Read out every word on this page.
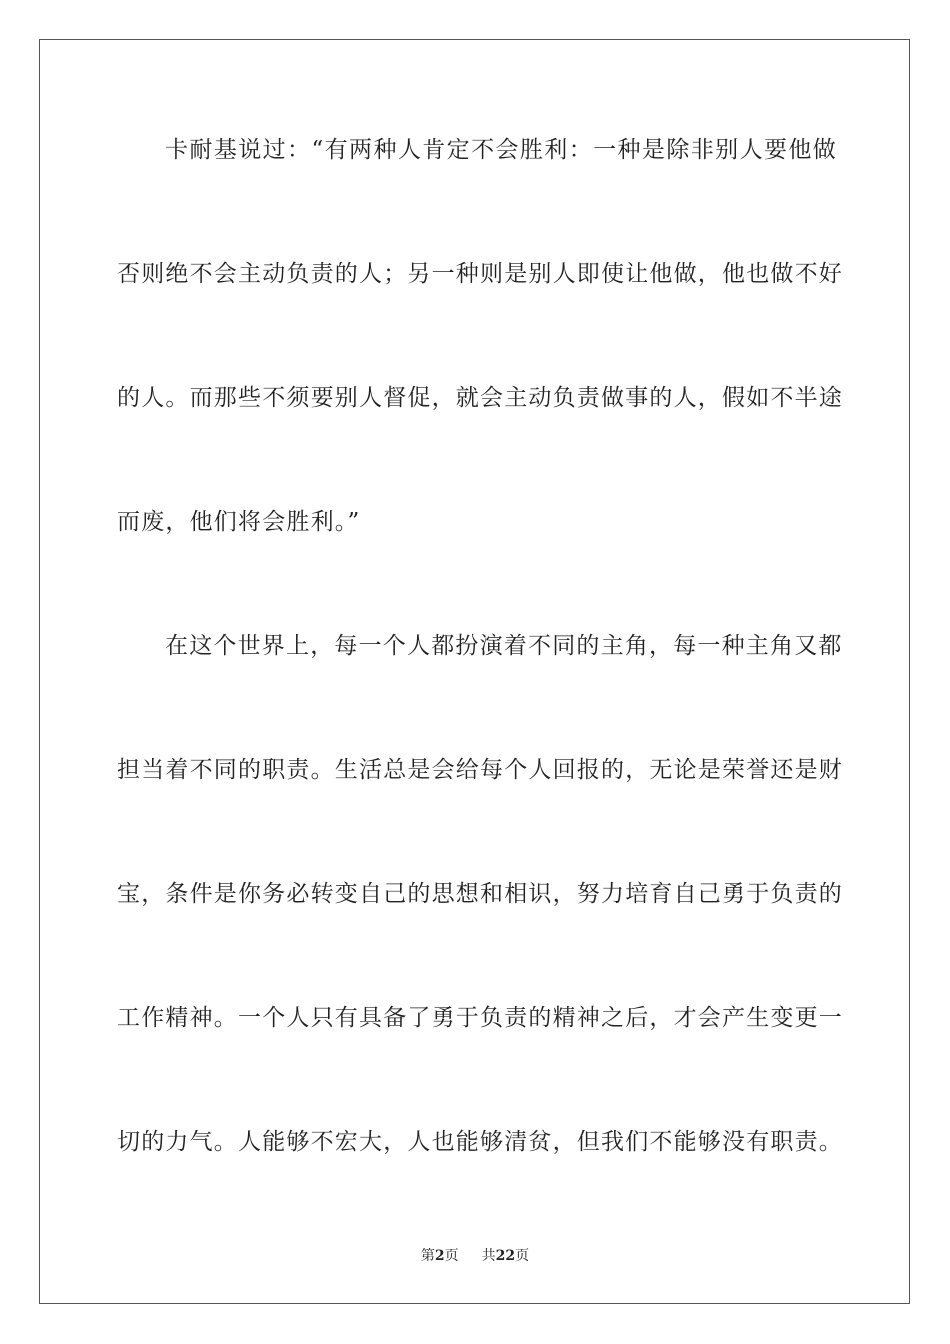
卡耐基说过：“有两种人肯定不会胜利：一种是除非别人要他做
否则绝不会主动负责的人；另一种则是别人即使让他做，他也做不好
的人。而那些不须要别人督促，就会主动负责做事的人，假如不半途
而废，他们将会胜利。”
在这个世界上，每一个人都扮演着不同的主角，每一种主角又都
担当着不同的职责。生活总是会给每个人回报的，无论是荣誉还是财
宝，条件是你务必转变自己的思想和相识，努力培育自己勇于负责的
工作精神。一个人只有具备了勇于负责的精神之后，才会产生变更一
切的力气。人能够不宏大，人也能够清贫，但我们不能够没有职责。
第2页 共22页
